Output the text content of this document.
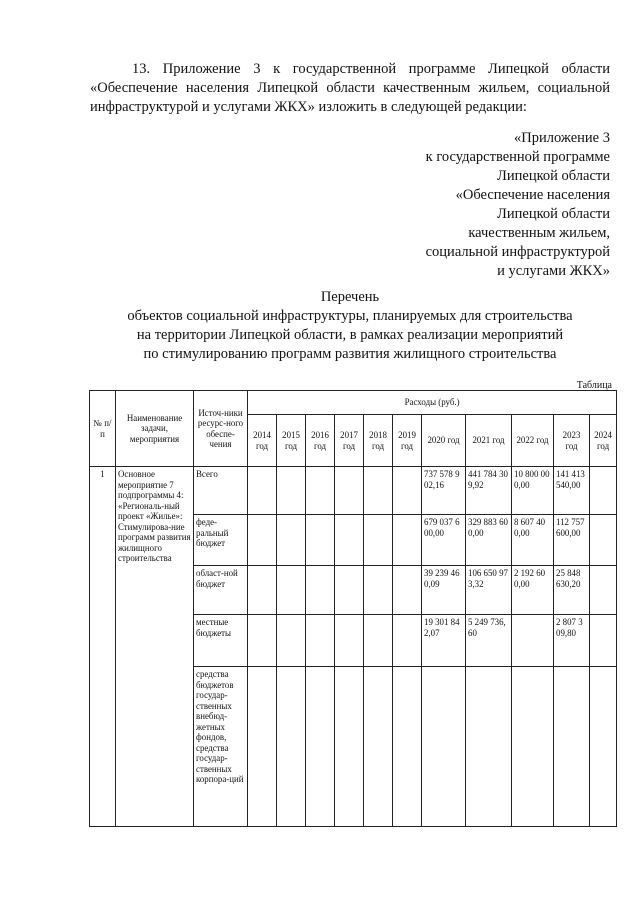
13. Приложение 3 к государственной программе Липецкой области «Обеспечение населения Липецкой области качественным жильем, социальной инфраструктурой и услугами ЖКХ» изложить в следующей редакции:
«Приложение 3
к государственной программе
Липецкой области
«Обеспечение населения
Липецкой области
качественным жильем,
социальной инфраструктурой
и услугами ЖКХ»
Перечень
объектов социальной инфраструктуры, планируемых для строительства
на территории Липецкой области, в рамках реализации мероприятий
по стимулированию программ развития жилищного строительства
Таблица
№ п/п	Наименование задачи, мероприятия	Источ-ники ресурс-ного обеспе-чения	Расходы (руб.)										
			2014 год	2015 год	2016 год	2017 год	2018 год	2019 год	2020 год	2021 год	2022 год	2023 год	2024 год
1	Основное мероприятие 7 подпрограммы 4: «Региональ-ный проект «Жилье»: Стимулирова-ние программ развития жилищного строительства	Всего							737 578 902,16	441 784 309,92	10 800 000,00	141 413 540,00	
		феде-ральный бюджет							679 037 600,00	329 883 600,00	8 607 400,00	112 757 600,00	
		област-ной бюджет							39 239 460,09	106 650 973,32	2 192 600,00	25 848 630,20	
		местные бюджеты							19 301 842,07	5 249 736,60		2 807 309,80	
		средства бюджетов государ-ственных внебюд-жетных фондов, средства государ-ственных корпора-ций											
